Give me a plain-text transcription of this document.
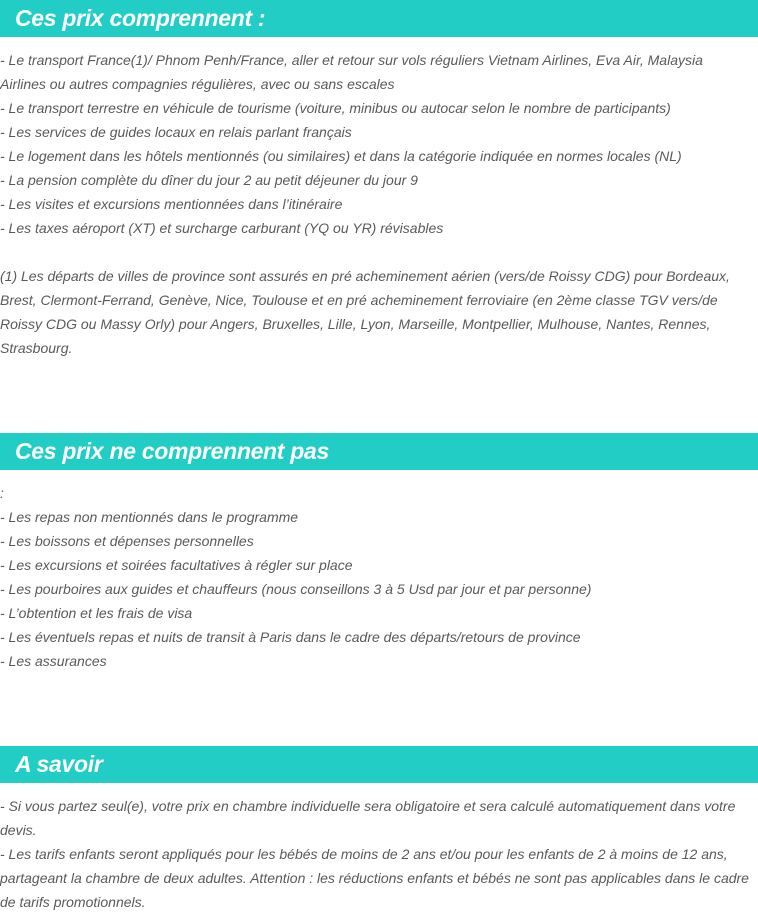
Ces prix comprennent :
- Le transport France(1)/ Phnom Penh/France, aller et retour sur vols réguliers Vietnam Airlines, Eva Air, Malaysia Airlines ou autres compagnies régulières, avec ou sans escales
- Le transport terrestre en véhicule de tourisme (voiture, minibus ou autocar selon le nombre de participants)
- Les services de guides locaux en relais parlant français
- Le logement dans les hôtels mentionnés (ou similaires) et dans la catégorie indiquée en normes locales (NL)
- La pension complète du dîner du jour 2 au petit déjeuner du jour 9
- Les visites et excursions mentionnées dans l’itinéraire
- Les taxes aéroport (XT) et surcharge carburant (YQ ou YR) révisables
(1) Les départs de villes de province sont assurés en pré acheminement aérien (vers/de Roissy CDG) pour Bordeaux, Brest, Clermont-Ferrand, Genève, Nice, Toulouse et en pré acheminement ferroviaire (en 2ème classe TGV vers/de Roissy CDG ou Massy Orly) pour Angers, Bruxelles, Lille, Lyon, Marseille, Montpellier, Mulhouse, Nantes, Rennes, Strasbourg.
Ces prix ne comprennent pas
:
- Les repas non mentionnés dans le programme
- Les boissons et dépenses personnelles
- Les excursions et soirées facultatives à régler sur place
- Les pourboires aux guides et chauffeurs (nous conseillons 3 à 5 Usd par jour et par personne)
- L’obtention et les frais de visa
- Les éventuels repas et nuits de transit à Paris dans le cadre des départs/retours de province
- Les assurances
A savoir
- Si vous partez seul(e), votre prix en chambre individuelle sera obligatoire et sera calculé automatiquement dans votre devis.
- Les tarifs enfants seront appliqués pour les bébés de moins de 2 ans et/ou pour les enfants de 2 à moins de 12 ans, partageant la chambre de deux adultes. Attention : les réductions enfants et bébés ne sont pas applicables dans le cadre de tarifs promotionnels.
